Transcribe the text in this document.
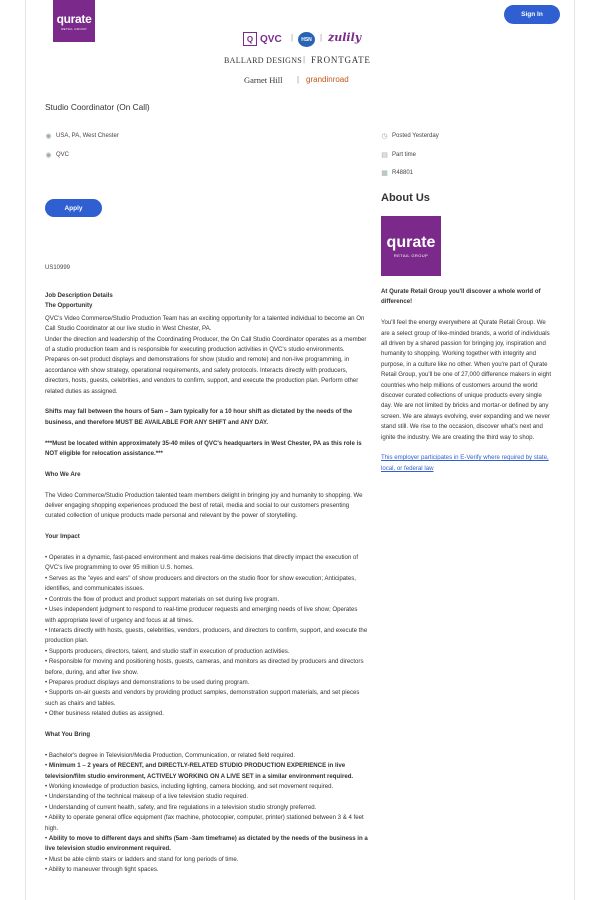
qurate
RETAIL GROUP
Sign In
Q QVC |	HSN	| zulily
BALLARD DESIGNS | FRONTGATE
Garnet Hill | grandinroad
Studio Coordinator (On Call)
◉ USA, PA, West Chester
◉ QVC
◷ Posted Yesterday
▤ Part time
▦ R48801
Apply
US10999

Job Description Details

The Opportunity

QVC's Video Commerce/Studio Production Team has an exciting opportunity for a talented individual to become an On Call Studio Coordinator at our live studio in West Chester, PA.

Under the direction and leadership of the Coordinating Producer, the On Call Studio Coordinator operates as a member of a studio production team and is responsible for executing production activities in QVC's studio environments. Prepares on-set product displays and demonstrations for show (studio and remote) and non-live programming, in accordance with show strategy, operational requirements, and safety protocols. Interacts directly with producers, directors, hosts, guests, celebrities, and vendors to confirm, support, and execute the production plan. Perform other related duties as assigned.

Shifts may fall between the hours of 5am – 3am typically for a 10 hour shift as dictated by the needs of the business, and therefore MUST BE AVAILABLE FOR ANY SHIFT and ANY DAY.

***Must be located within approximately 35-40 miles of QVC's headquarters in West Chester, PA as this role is NOT eligible for relocation assistance.***

Who We Are

The Video Commerce/Studio Production talented team members delight in bringing joy and humanity to shopping. We deliver engaging shopping experiences produced the best of retail, media and social to our customers presenting curated collection of unique products made personal and relevant by the power of storytelling.

Your Impact

• Operates in a dynamic, fast-paced environment and makes real-time decisions that directly impact the execution of QVC's live programming to over 95 million U.S. homes.

• Serves as the "eyes and ears" of show producers and directors on the studio floor for show execution; Anticipates, identifies, and communicates issues.

• Controls the flow of product and product support materials on set during live program.

• Uses independent judgment to respond to real-time producer requests and emerging needs of live show; Operates with appropriate level of urgency and focus at all times.

• Interacts directly with hosts, guests, celebrities, vendors, producers, and directors to confirm, support, and execute the production plan.

• Supports producers, directors, talent, and studio staff in execution of production activities.

• Responsible for moving and positioning hosts, guests, cameras, and monitors as directed by producers and directors before, during, and after live show.

• Prepares product displays and demonstrations to be used during program.

• Supports on-air guests and vendors by providing product samples, demonstration support materials, and set pieces such as chairs and tables.

• Other business related duties as assigned.

What You Bring

• Bachelor's degree in Television/Media Production, Communication, or related field required.

• Minimum 1 – 2 years of RECENT, and DIRECTLY-RELATED STUDIO PRODUCTION EXPERIENCE in live television/film studio environment, ACTIVELY WORKING ON A LIVE SET in a similar environment required.

• Working knowledge of production basics, including lighting, camera blocking, and set movement required.

• Understanding of the technical makeup of a live television studio required.

• Understanding of current health, safety, and fire regulations in a television studio strongly preferred.

• Ability to operate general office equipment (fax machine, photocopier, computer, printer) stationed between 3 & 4 feet high.

• Ability to move to different days and shifts (5am -3am timeframe) as dictated by the needs of the business in a live television studio environment required.

• Must be able climb stairs or ladders and stand for long periods of time.

• Ability to maneuver through tight spaces.

About Us
qurate
RETAIL GROUP

At Qurate Retail Group you'll discover a whole world of difference!

You'll feel the energy everywhere at Qurate Retail Group. We are a select group of like-minded brands, a world of individuals all driven by a shared passion for bringing joy, inspiration and humanity to shopping. Working together with integrity and purpose, in a culture like no other. When you're part of Qurate Retail Group, you'll be one of 27,000 difference makers in eight countries who help millions of customers around the world discover curated collections of unique products every single day. We are not limited by bricks and mortar-or defined by any screen. We are always evolving, ever expanding and we never stand still. We rise to the occasion, discover what's next and ignite the industry. We are creating the third way to shop.

This employer participates in E-Verify where required by state, local, or federal law
